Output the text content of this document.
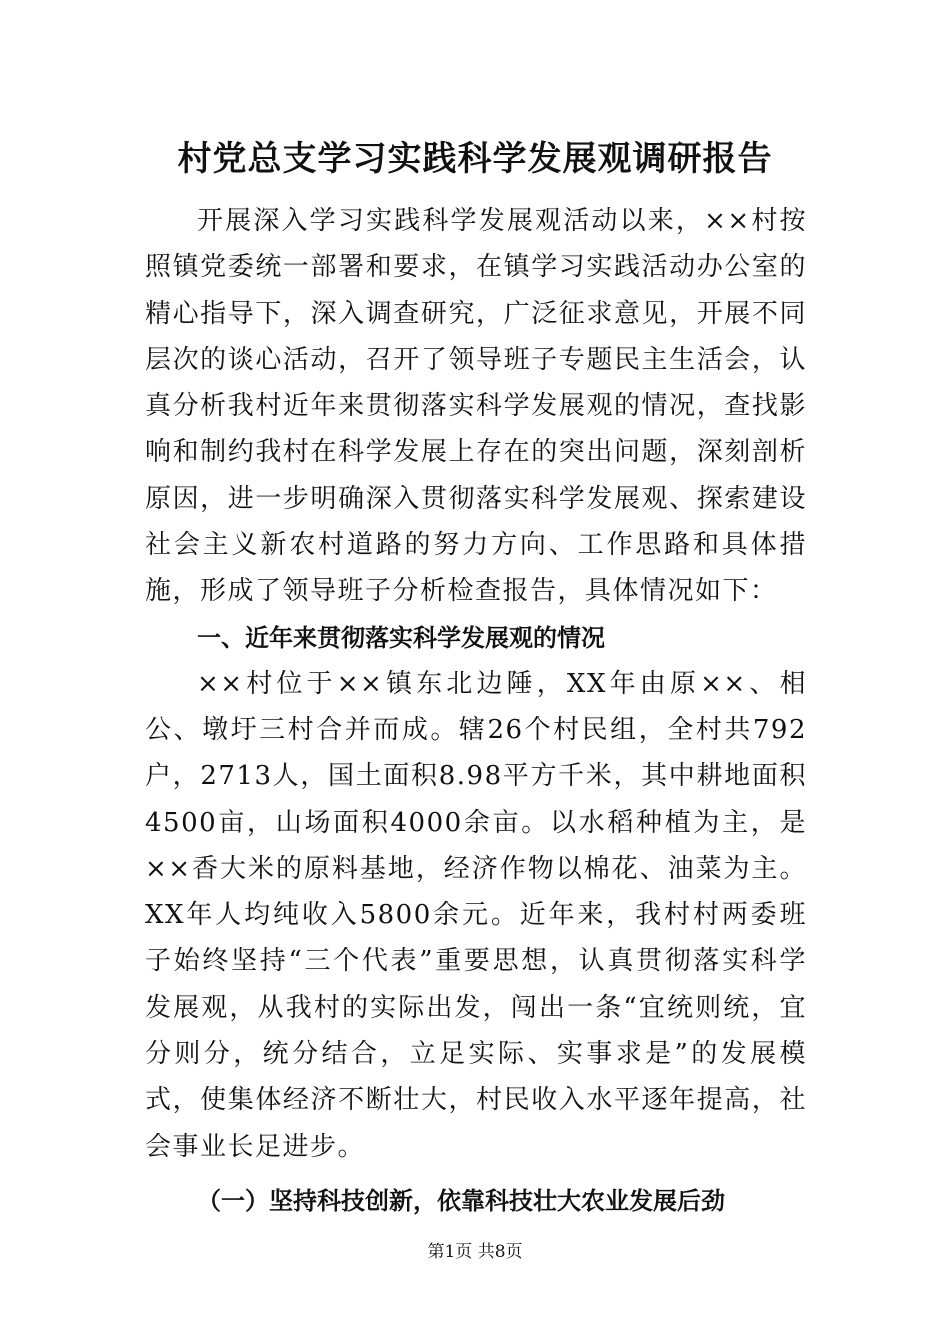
村党总支学习实践科学发展观调研报告

开展深入学习实践科学发展观活动以来，××村按照镇党委统一部署和要求，在镇学习实践活动办公室的精心指导下，深入调查研究，广泛征求意见，开展不同层次的谈心活动，召开了领导班子专题民主生活会，认真分析我村近年来贯彻落实科学发展观的情况，查找影响和制约我村在科学发展上存在的突出问题，深刻剖析原因，进一步明确深入贯彻落实科学发展观、探索建设社会主义新农村道路的努力方向、工作思路和具体措施，形成了领导班子分析检查报告，具体情况如下：

一、近年来贯彻落实科学发展观的情况

××村位于××镇东北边陲，XX年由原××、相公、墩圩三村合并而成。辖26个村民组，全村共792户，2713人，国土面积8.98平方千米，其中耕地面积4500亩，山场面积4000余亩。以水稻种植为主，是××香大米的原料基地，经济作物以棉花、油菜为主。XX年人均纯收入5800余元。近年来，我村村两委班子始终坚持“三个代表”重要思想，认真贯彻落实科学发展观，从我村的实际出发，闯出一条“宜统则统，宜分则分，统分结合，立足实际、实事求是”的发展模式，使集体经济不断壮大，村民收入水平逐年提高，社会事业长足进步。

（一）坚持科技创新，依靠科技壮大农业发展后劲

第1页 共8页
